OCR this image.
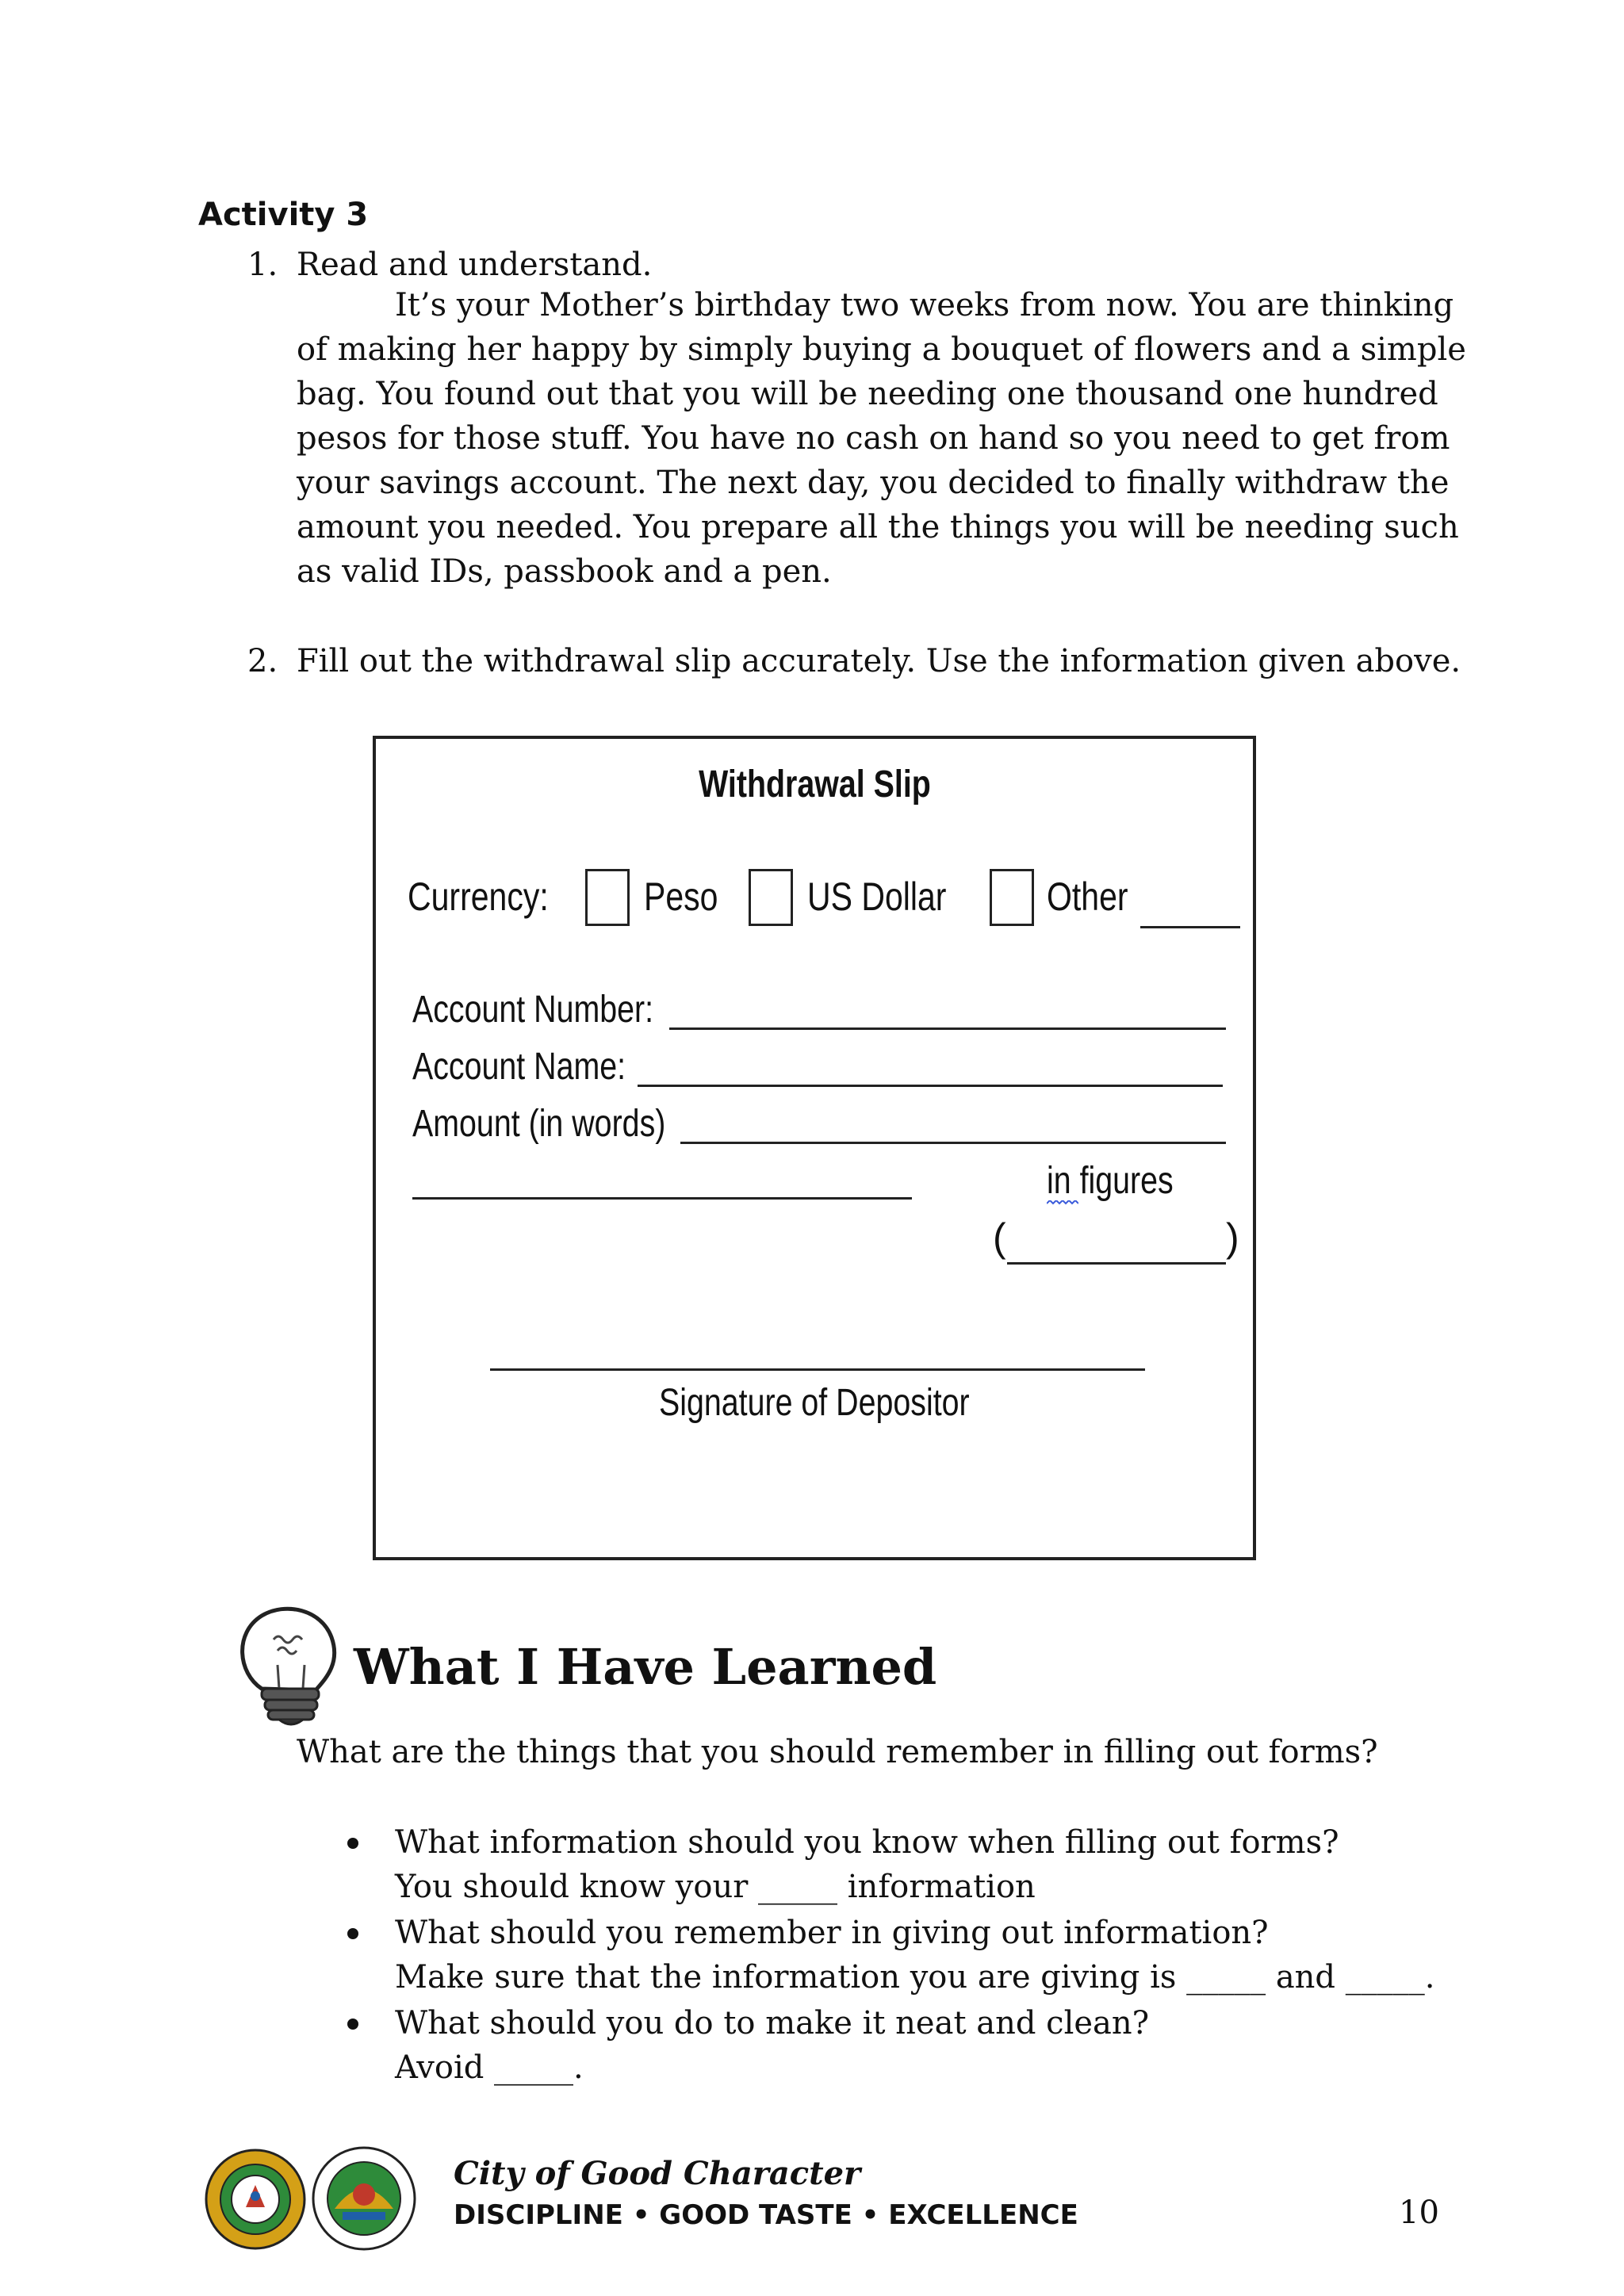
Activity 3
1. Read and understand.
It’s your Mother’s birthday two weeks from now. You are thinking
of making her happy by simply buying a bouquet of flowers and a simple
bag. You found out that you will be needing one thousand one hundred
pesos for those stuff. You have no cash on hand so you need to get from
your savings account. The next day, you decided to finally withdraw the
amount you needed. You prepare all the things you will be needing such
as valid IDs, passbook and a pen.
2. Fill out the withdrawal slip accurately. Use the information given above.
Withdrawal Slip
Currency:	Peso	US Dollar	Other
Account Number:
Account Name:
Amount (in words)
in figures
(	)
Signature of Depositor
What I Have Learned
What are the things that you should remember in filling out forms?
What information should you know when filling out forms?
You should know your _____ information
What should you remember in giving out information?
Make sure that the information you are giving is _____ and _____.
What should you do to make it neat and clean?
Avoid _____.
City of Good Character
DISCIPLINE • GOOD TASTE • EXCELLENCE	10
